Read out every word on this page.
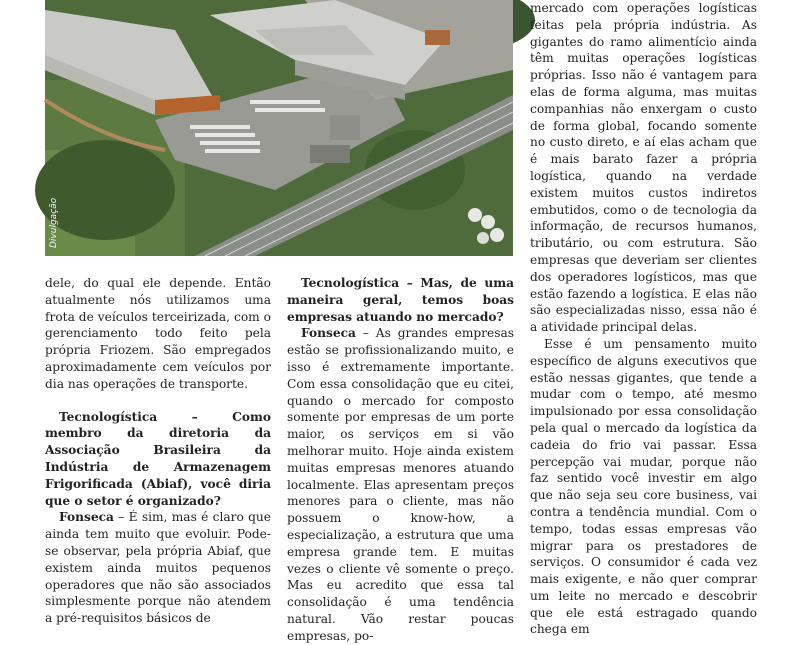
Divulgação

dele, do qual ele depende. Então atualmente nós utilizamos uma frota de veículos terceirizada, com o gerenciamento todo feito pela própria Friozem. São empregados aproximadamente cem veículos por dia nas operações de transporte.

Tecnologística – Como membro da diretoria da Associação Brasileira da Indústria de Armazenagem Frigorificada (Abiaf), você diria que o setor é organizado?

Fonseca – É sim, mas é claro que ainda tem muito que evoluir. Pode-se observar, pela própria Abiaf, que existem ainda muitos pequenos operadores que não são associados simplesmente porque não atendem a pré-requisitos básicos de

Tecnologística – Mas, de uma maneira geral, temos boas empresas atuando no mercado?

Fonseca – As grandes empresas estão se profissionalizando muito, e isso é extremamente importante. Com essa consolidação que eu citei, quando o mercado for composto somente por empresas de um porte maior, os serviços em si vão melhorar muito. Hoje ainda existem muitas empresas menores atuando localmente. Elas apresentam preços menores para o cliente, mas não possuem o know-how, a especialização, a estrutura que uma empresa grande tem. E muitas vezes o cliente vê somente o preço. Mas eu acredito que essa tal consolidação é uma tendência natural. Vão restar poucas empresas, po-

mercado com operações logísticas feitas pela própria indústria. As gigantes do ramo alimentício ainda têm muitas operações logísticas próprias. Isso não é vantagem para elas de forma alguma, mas muitas companhias não enxergam o custo de forma global, focando somente no custo direto, e aí elas acham que é mais barato fazer a própria logística, quando na verdade existem muitos custos indiretos embutidos, como o de tecnologia da informação, de recursos humanos, tributário, ou com estrutura. São empresas que deveriam ser clientes dos operadores logísticos, mas que estão fazendo a logística. E elas não são especializadas nisso, essa não é a atividade principal delas.

Esse é um pensamento muito específico de alguns executivos que estão nessas gigantes, que tende a mudar com o tempo, até mesmo impulsionado por essa consolidação pela qual o mercado da logística da cadeia do frio vai passar. Essa percepção vai mudar, porque não faz sentido você investir em algo que não seja seu core business, vai contra a tendência mundial. Com o tempo, todas essas empresas vão migrar para os prestadores de serviços. O consumidor é cada vez mais exigente, e não quer comprar um leite no mercado e descobrir que ele está estragado quando chega em
